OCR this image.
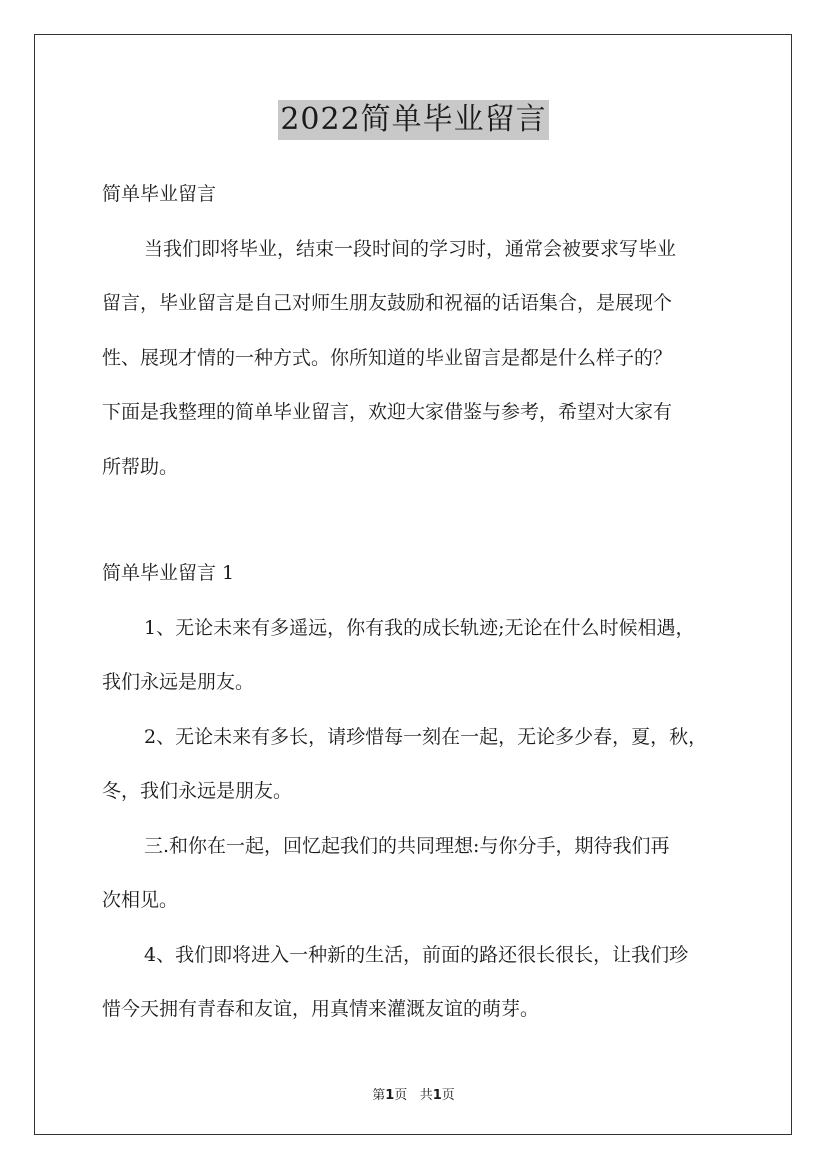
2022简单毕业留言
简单毕业留言
当我们即将毕业，结束一段时间的学习时，通常会被要求写毕业
留言，毕业留言是自己对师生朋友鼓励和祝福的话语集合，是展现个
性、展现才情的一种方式。你所知道的毕业留言是都是什么样子的？
下面是我整理的简单毕业留言，欢迎大家借鉴与参考，希望对大家有
所帮助。
简单毕业留言 1
1、无论未来有多遥远，你有我的成长轨迹;无论在什么时候相遇，
我们永远是朋友。
2、无论未来有多长，请珍惜每一刻在一起，无论多少春，夏，秋，
冬，我们永远是朋友。
三.和你在一起，回忆起我们的共同理想:与你分手，期待我们再
次相见。
4、我们即将进入一种新的生活，前面的路还很长很长，让我们珍
惜今天拥有青春和友谊，用真情来灌溉友谊的萌芽。
第1页 共1页
